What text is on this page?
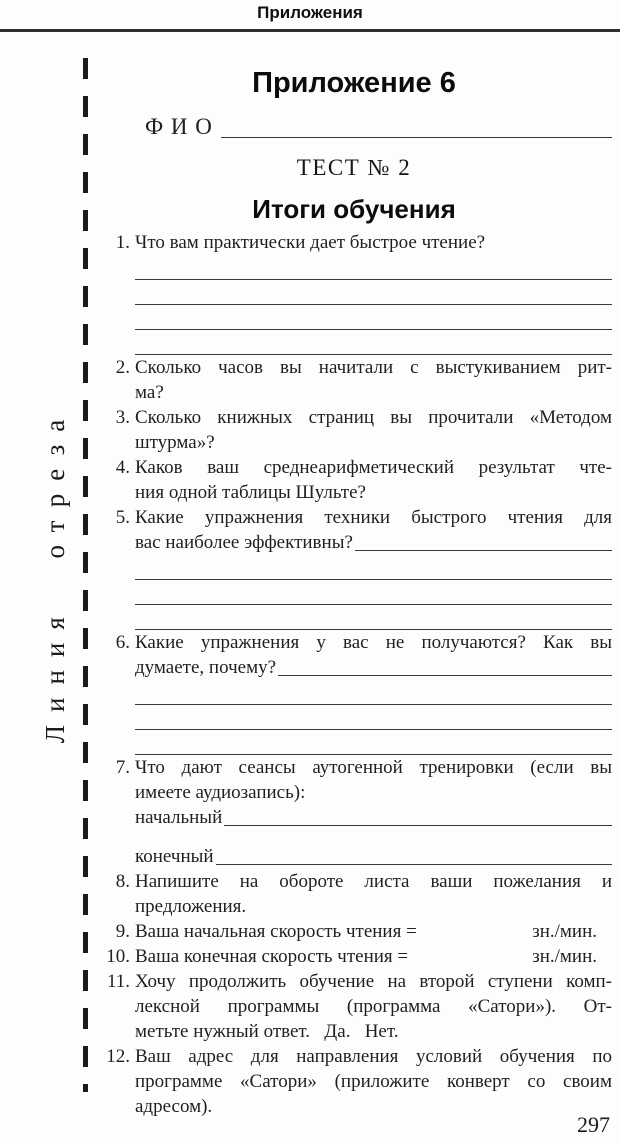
Приложения
Линия отреза
Приложение 6
Ф И О
ТЕСТ № 2
Итоги обучения
1. Что вам практически дает быстрое чтение?
2. Сколько часов вы начитали с выстукиванием рит-
ма?
3. Сколько книжных страниц вы прочитали «Методом
штурма»?
4. Каков ваш среднеарифметический результат чте-
ния одной таблицы Шульте?
5. Какие упражнения техники быстрого чтения для
вас наиболее эффективны?
6. Какие упражнения у вас не получаются? Как вы
думаете, почему?
7. Что дают сеансы аутогенной тренировки (если вы
имеете аудиозапись):
начальный
конечный
8. Напишите на обороте листа ваши пожелания и
предложения.
9. Ваша начальная скорость чтения =	зн./мин.
10. Ваша конечная скорость чтения =	зн./мин.
11. Хочу продолжить обучение на второй ступени комп-
лексной программы (программа «Сатори»). От-
метьте нужный ответ.  Да.  Нет.
12. Ваш адрес для направления условий обучения по
программе «Сатори» (приложите конверт со своим
адресом).
297
